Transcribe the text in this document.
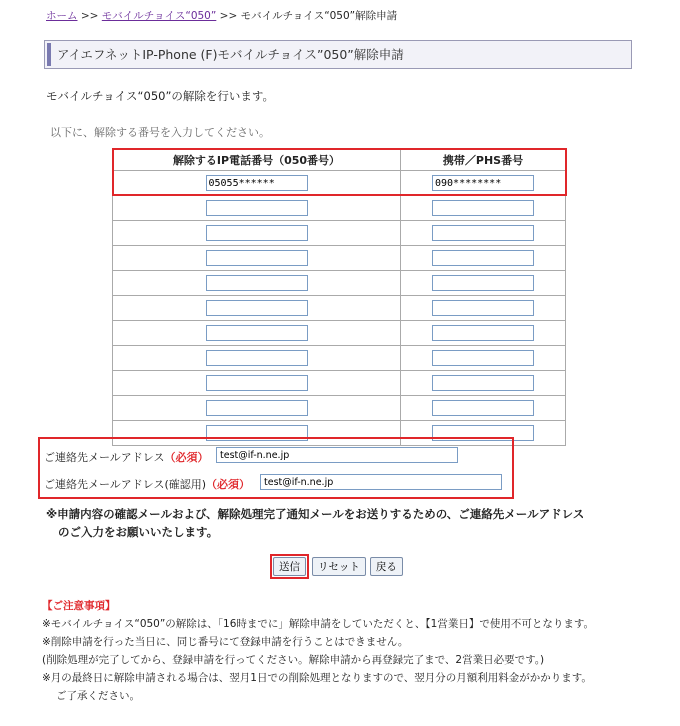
ホーム >> モバイルチョイス“050” >> モバイルチョイス“050”解除申請
アイエフネットIP-Phone (F)モバイルチョイス”050”解除申請
モバイルチョイス“050”の解除を行います。
以下に、解除する番号を入力してください。
解除するIP電話番号（050番号）	携帯／PHS番号
05055******	090********

ご連絡先メールアドレス（必須）
test@if-n.ne.jp
ご連絡先メールアドレス(確認用)（必須）
test@if-n.ne.jp
※申請内容の確認メールおよび、解除処理完了通知メールをお送りするための、ご連絡先メールアドレス
のご入力をお願いいたします。
送信 リセット 戻る
【ご注意事項】
※モバイルチョイス“050”の解除は、「16時までに」解除申請をしていただくと、【1営業日】で使用不可となります。
※削除申請を行った当日に、同じ番号にて登録申請を行うことはできません。
(削除処理が完了してから、登録申請を行ってください。解除申請から再登録完了まで、2営業日必要です。)
※月の最終日に解除申請される場合は、翌月1日での削除処理となりますので、翌月分の月額利用料金がかかります。
ご了承ください。
